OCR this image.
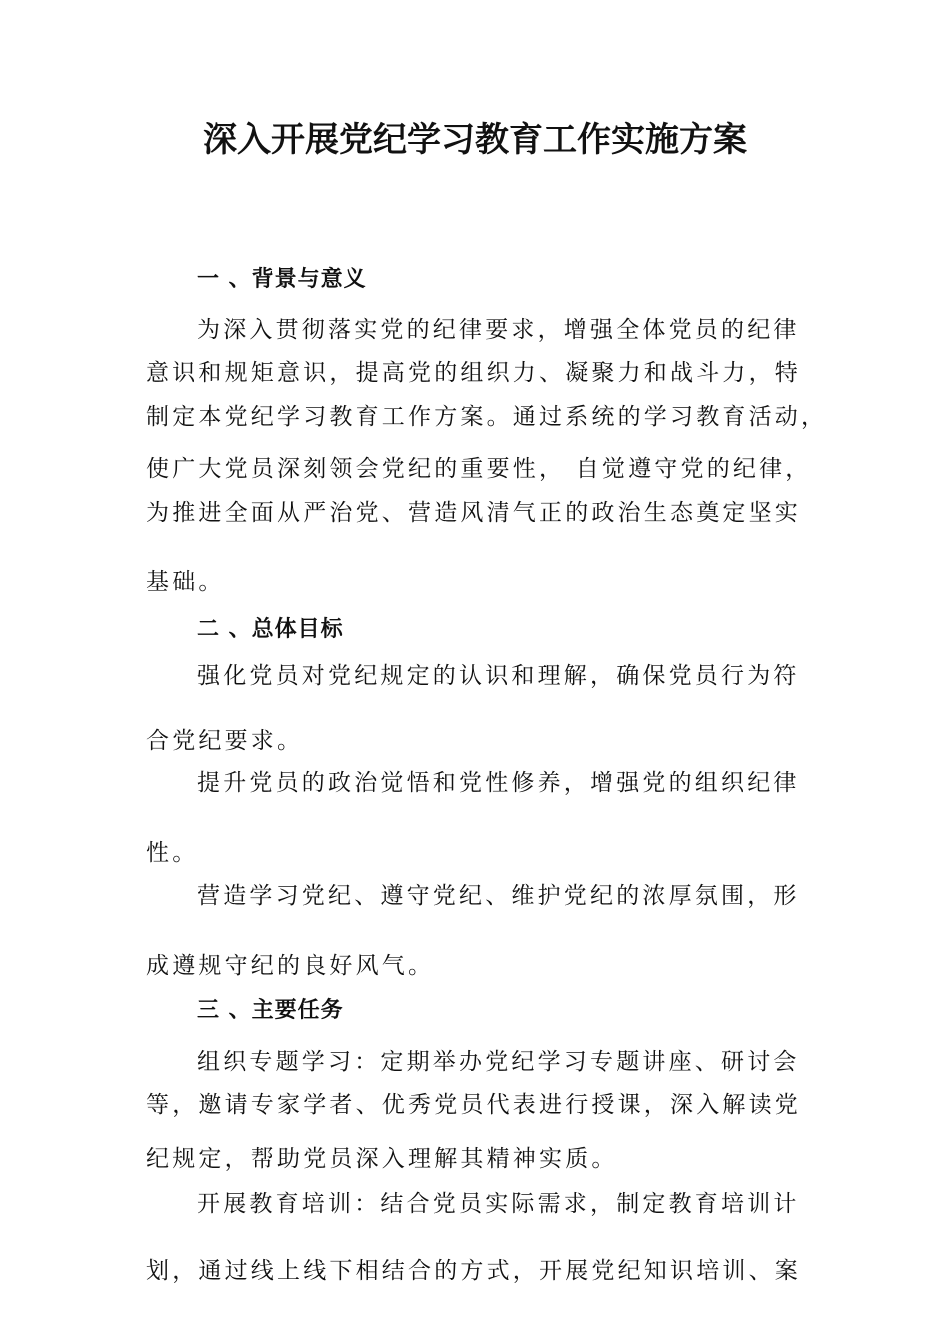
深入开展党纪学习教育工作实施方案
一 、背景与意义
为深入贯彻落实党的纪律要求，增强全体党员的纪律
意识和规矩意识，提高党的组织力、凝聚力和战斗力，特
制定本党纪学习教育工作方案。通过系统的学习教育活动，
使广大党员深刻领会党纪的重要性， 自觉遵守党的纪律，
为推进全面从严治党、营造风清气正的政治生态奠定坚实
基础。
二 、总体目标
强化党员对党纪规定的认识和理解，确保党员行为符
合党纪要求。
提升党员的政治觉悟和党性修养，增强党的组织纪律
性。
营造学习党纪、遵守党纪、维护党纪的浓厚氛围，形
成遵规守纪的良好风气。
三 、主要任务
组织专题学习：定期举办党纪学习专题讲座、研讨会
等，邀请专家学者、优秀党员代表进行授课，深入解读党
纪规定，帮助党员深入理解其精神实质。
开展教育培训：结合党员实际需求，制定教育培训计
划，通过线上线下相结合的方式，开展党纪知识培训、案
